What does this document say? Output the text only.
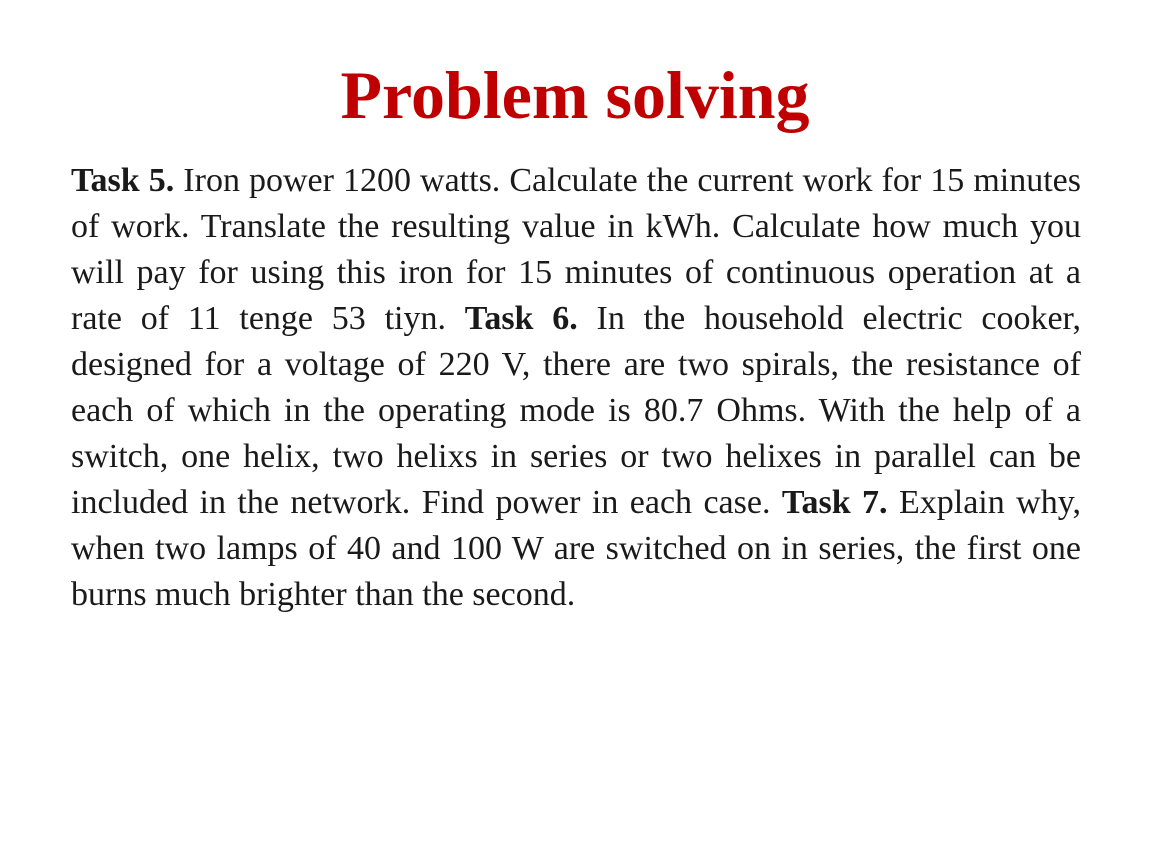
Problem solving
Task 5. Iron power 1200 watts. Calculate the current work for 15 minutes of work. Translate the resulting value in kWh. Calculate how much you will pay for using this iron for 15 minutes of continuous operation at a rate of 11 tenge 53 tiyn. Task 6. In the household electric cooker, designed for a voltage of 220 V, there are two spirals, the resistance of each of which in the operating mode is 80.7 Ohms. With the help of a switch, one helix, two helixs in series or two helixes in parallel can be included in the network. Find power in each case. Task 7. Explain why, when two lamps of 40 and 100 W are switched on in series, the first one burns much brighter than the second.
